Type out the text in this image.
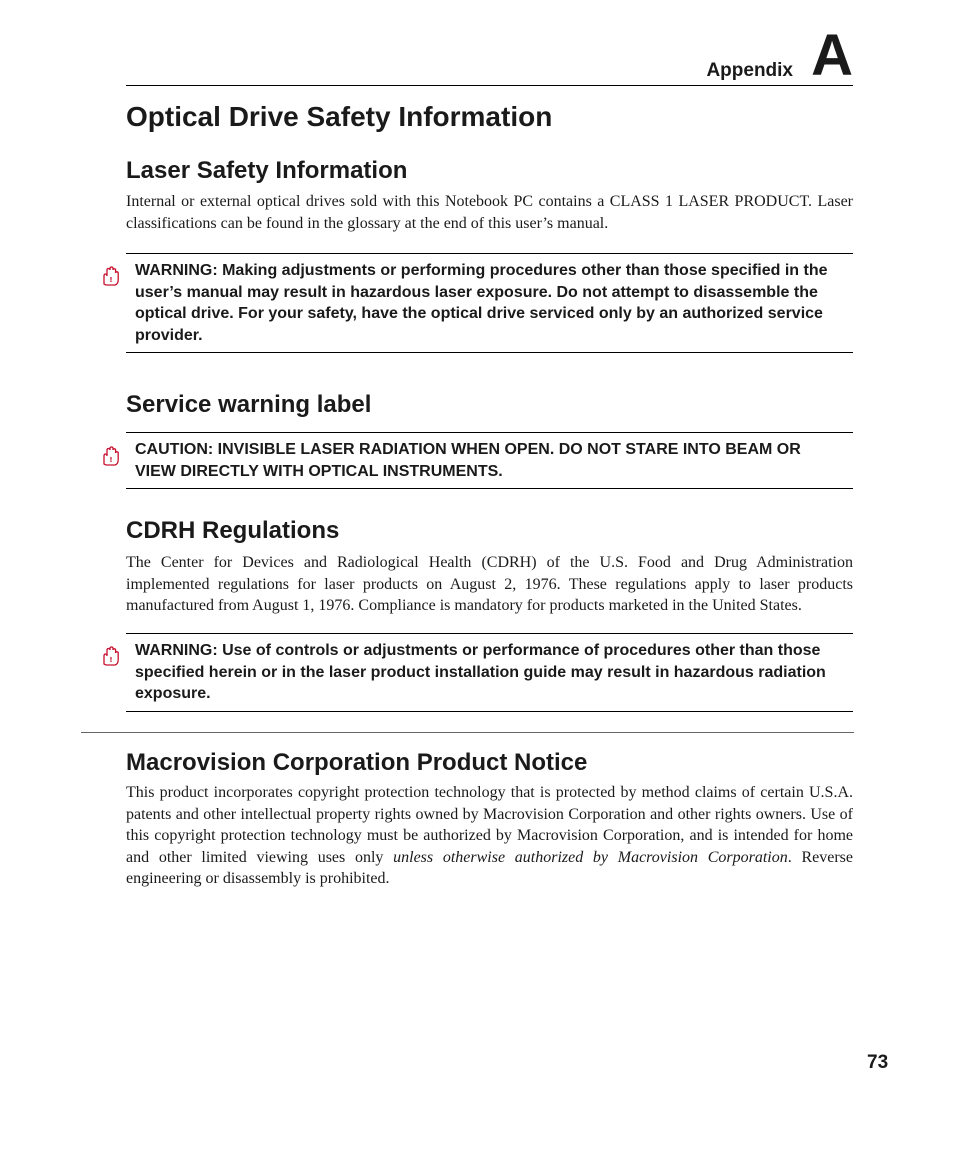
Appendix A
Optical Drive Safety Information
Laser Safety Information
Internal or external optical drives sold with this Notebook PC contains a CLASS 1 LASER PRODUCT. Laser classifications can be found in the glossary at the end of this user’s manual.
!
WARNING: Making adjustments or performing procedures other than those specified in the user’s manual may result in hazardous laser exposure. Do not attempt to disassemble the optical drive. For your safety, have the optical drive serviced only by an authorized service provider.
Service warning label
!
CAUTION: INVISIBLE LASER RADIATION WHEN OPEN. DO NOT STARE INTO BEAM OR VIEW DIRECTLY WITH OPTICAL INSTRUMENTS.
CDRH Regulations
The Center for Devices and Radiological Health (CDRH) of the U.S. Food and Drug Administration implemented regulations for laser products on August 2, 1976. These regulations apply to laser products manufactured from August 1, 1976. Compliance is mandatory for products marketed in the United States.
!
WARNING: Use of controls or adjustments or performance of procedures other than those specified herein or in the laser product installation guide may result in hazardous radiation exposure.
Macrovision Corporation Product Notice
This product incorporates copyright protection technology that is protected by method claims of certain U.S.A. patents and other intellectual property rights owned by Macrovision Corporation and other rights owners. Use of this copyright protection technology must be authorized by Macrovision Corporation, and is intended for home and other limited viewing uses only unless otherwise authorized by Macrovision Corporation. Reverse engineering or disassembly is prohibited.
73
